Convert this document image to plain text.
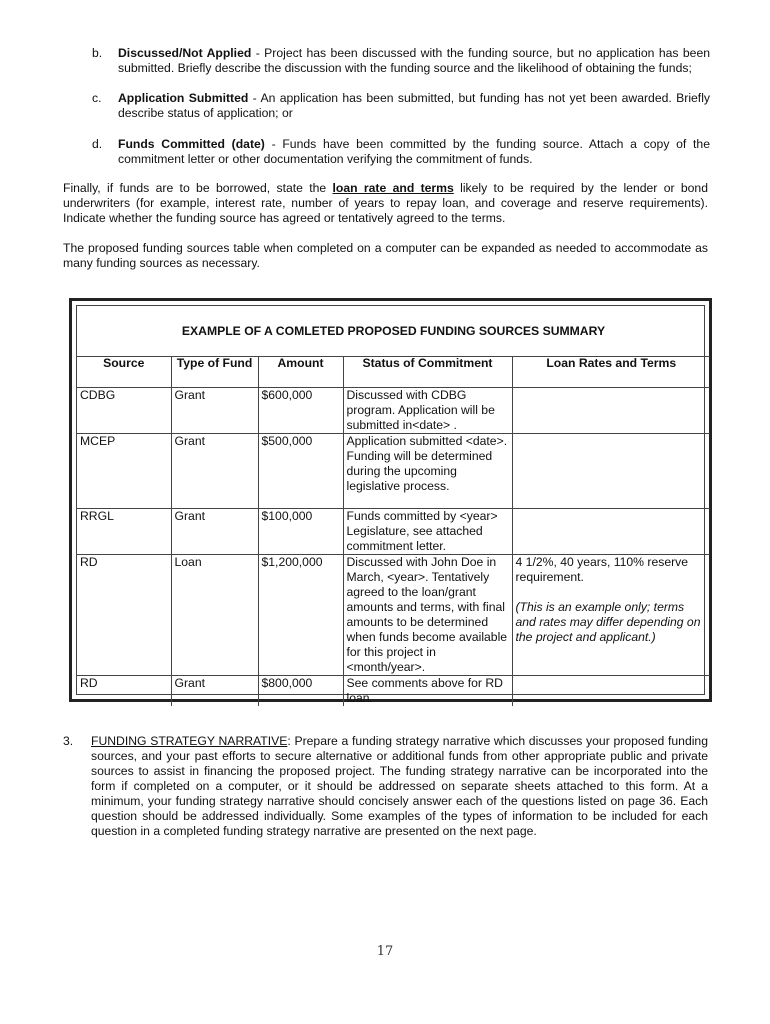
b. Discussed/Not Applied - Project has been discussed with the funding source, but no application has been submitted. Briefly describe the discussion with the funding source and the likelihood of obtaining the funds;
c. Application Submitted - An application has been submitted, but funding has not yet been awarded. Briefly describe status of application; or
d. Funds Committed (date) - Funds have been committed by the funding source. Attach a copy of the commitment letter or other documentation verifying the commitment of funds.
Finally, if funds are to be borrowed, state the loan rate and terms likely to be required by the lender or bond underwriters (for example, interest rate, number of years to repay loan, and coverage and reserve requirements). Indicate whether the funding source has agreed or tentatively agreed to the terms.
The proposed funding sources table when completed on a computer can be expanded as needed to accommodate as many funding sources as necessary.
EXAMPLE OF A COMLETED PROPOSED FUNDING SOURCES SUMMARY
Source	Type of Fund	Amount	Status of Commitment	Loan Rates and Terms
CDBG	Grant	$600,000	Discussed with CDBG program. Application will be submitted in<date> .	
MCEP	Grant	$500,000	Application submitted <date>. Funding will be determined during the upcoming legislative process.	
RRGL	Grant	$100,000	Funds committed by <year> Legislature, see attached commitment letter.	
RD	Loan	$1,200,000	Discussed with John Doe in March, <year>. Tentatively agreed to the loan/grant amounts and terms, with final amounts to be determined when funds become available for this project in <month/year>.	4 1/2%, 40 years, 110% reserve requirement.
(This is an example only; terms and rates may differ depending on the project and applicant.)

RD	Grant	$800,000	See comments above for RD loan.	
3. FUNDING STRATEGY NARRATIVE: Prepare a funding strategy narrative which discusses your proposed funding sources, and your past efforts to secure alternative or additional funds from other appropriate public and private sources to assist in financing the proposed project. The funding strategy narrative can be incorporated into the form if completed on a computer, or it should be addressed on separate sheets attached to this form. At a minimum, your funding strategy narrative should concisely answer each of the questions listed on page 36. Each question should be addressed individually. Some examples of the types of information to be included for each question in a completed funding strategy narrative are presented on the next page.
17
